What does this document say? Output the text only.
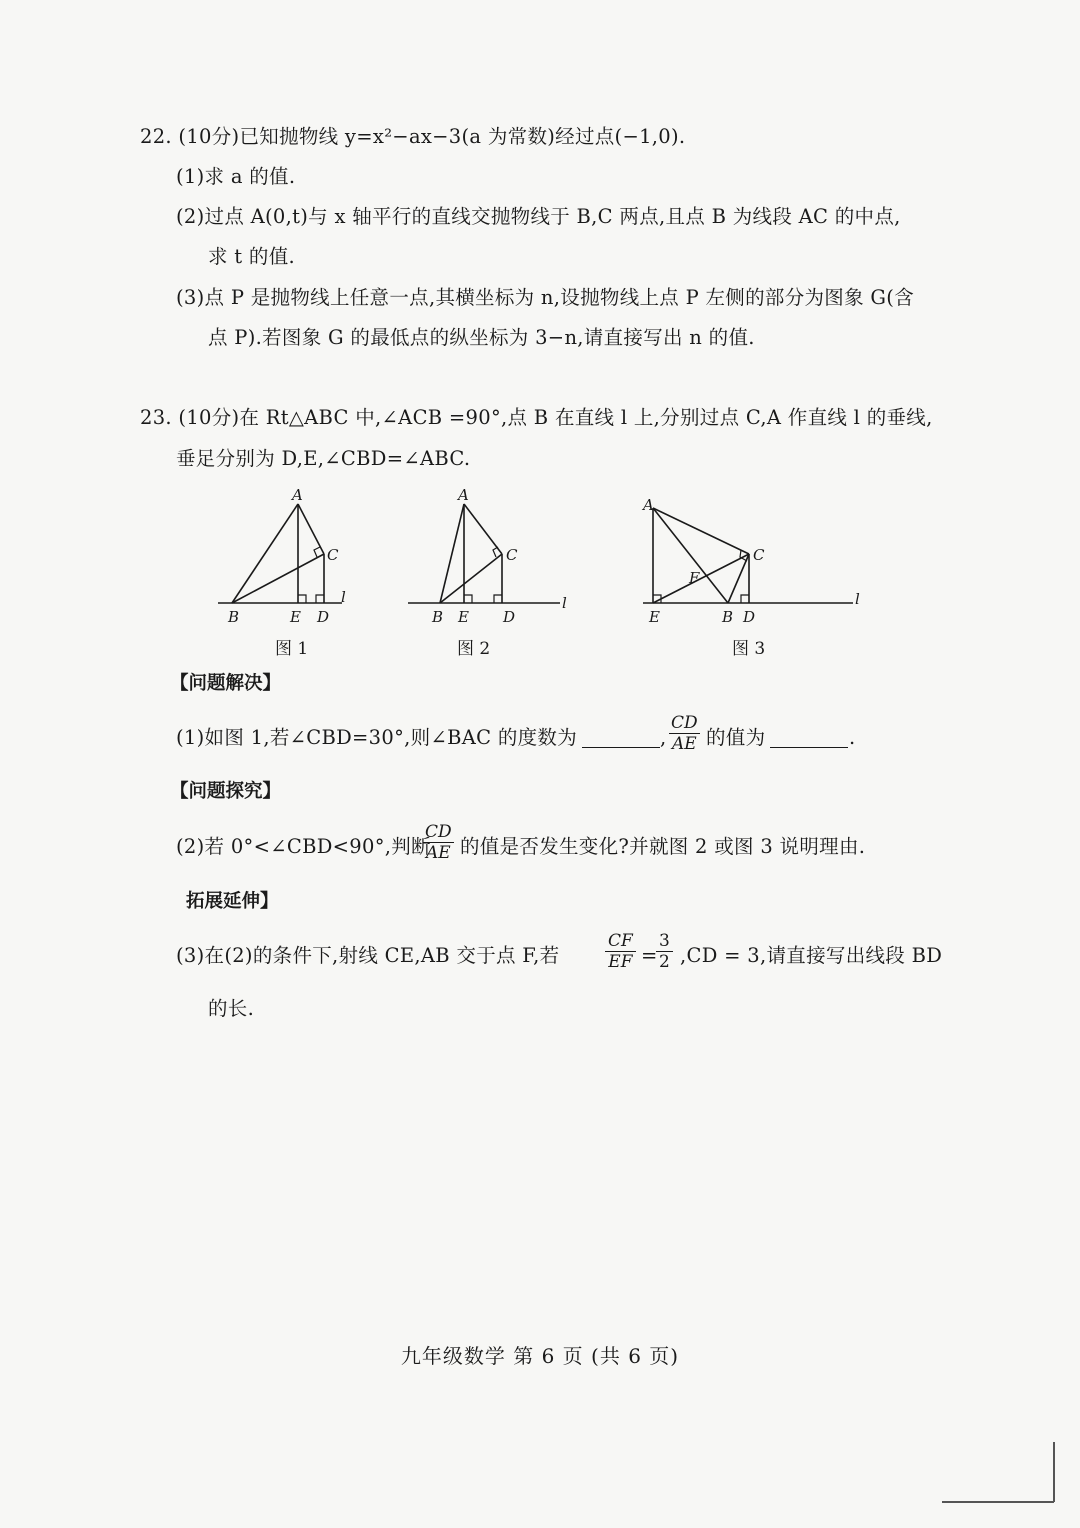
22. (10分)已知抛物线 y=x²−ax−3(a 为常数)经过点(−1,0).
(1)求 a 的值.
(2)过点 A(0,t)与 x 轴平行的直线交抛物线于 B,C 两点,且点 B 为线段 AC 的中点,
求 t 的值.
(3)点 P 是抛物线上任意一点,其横坐标为 n,设抛物线上点 P 左侧的部分为图象 G(含
点 P).若图象 G 的最低点的纵坐标为 3−n,请直接写出 n 的值.
23. (10分)在 Rt△ABC 中,∠ACB =90°,点 B 在直线 l 上,分别过点 C,A 作直线 l 的垂线,
垂足分别为 D,E,∠CBD=∠ABC.
A
C
B	E D
l
图 1
A
C
B E D
l
图 2
A
C
F
E	B D
l
图 3
【问题解决】
(1)如图 1,若∠CBD=30°,则∠BAC 的度数为	, $\frac{CD}{AE}$ 的值为	.
【问题探究】
(2)若 0°<∠CBD<90°,判断
$\frac{CD}{AE}$ 的值是否发生变化?并就图 2 或图 3 说明理由.
拓展延伸】
(3)在(2)的条件下,射线 CE,AB 交于点 F,若	$\frac{CF}{EF}$ =
$\frac{3}{2} ,CD = 3$,请直接写出线段 BD
的长.
九年级数学 第 6 页 (共 6 页)
